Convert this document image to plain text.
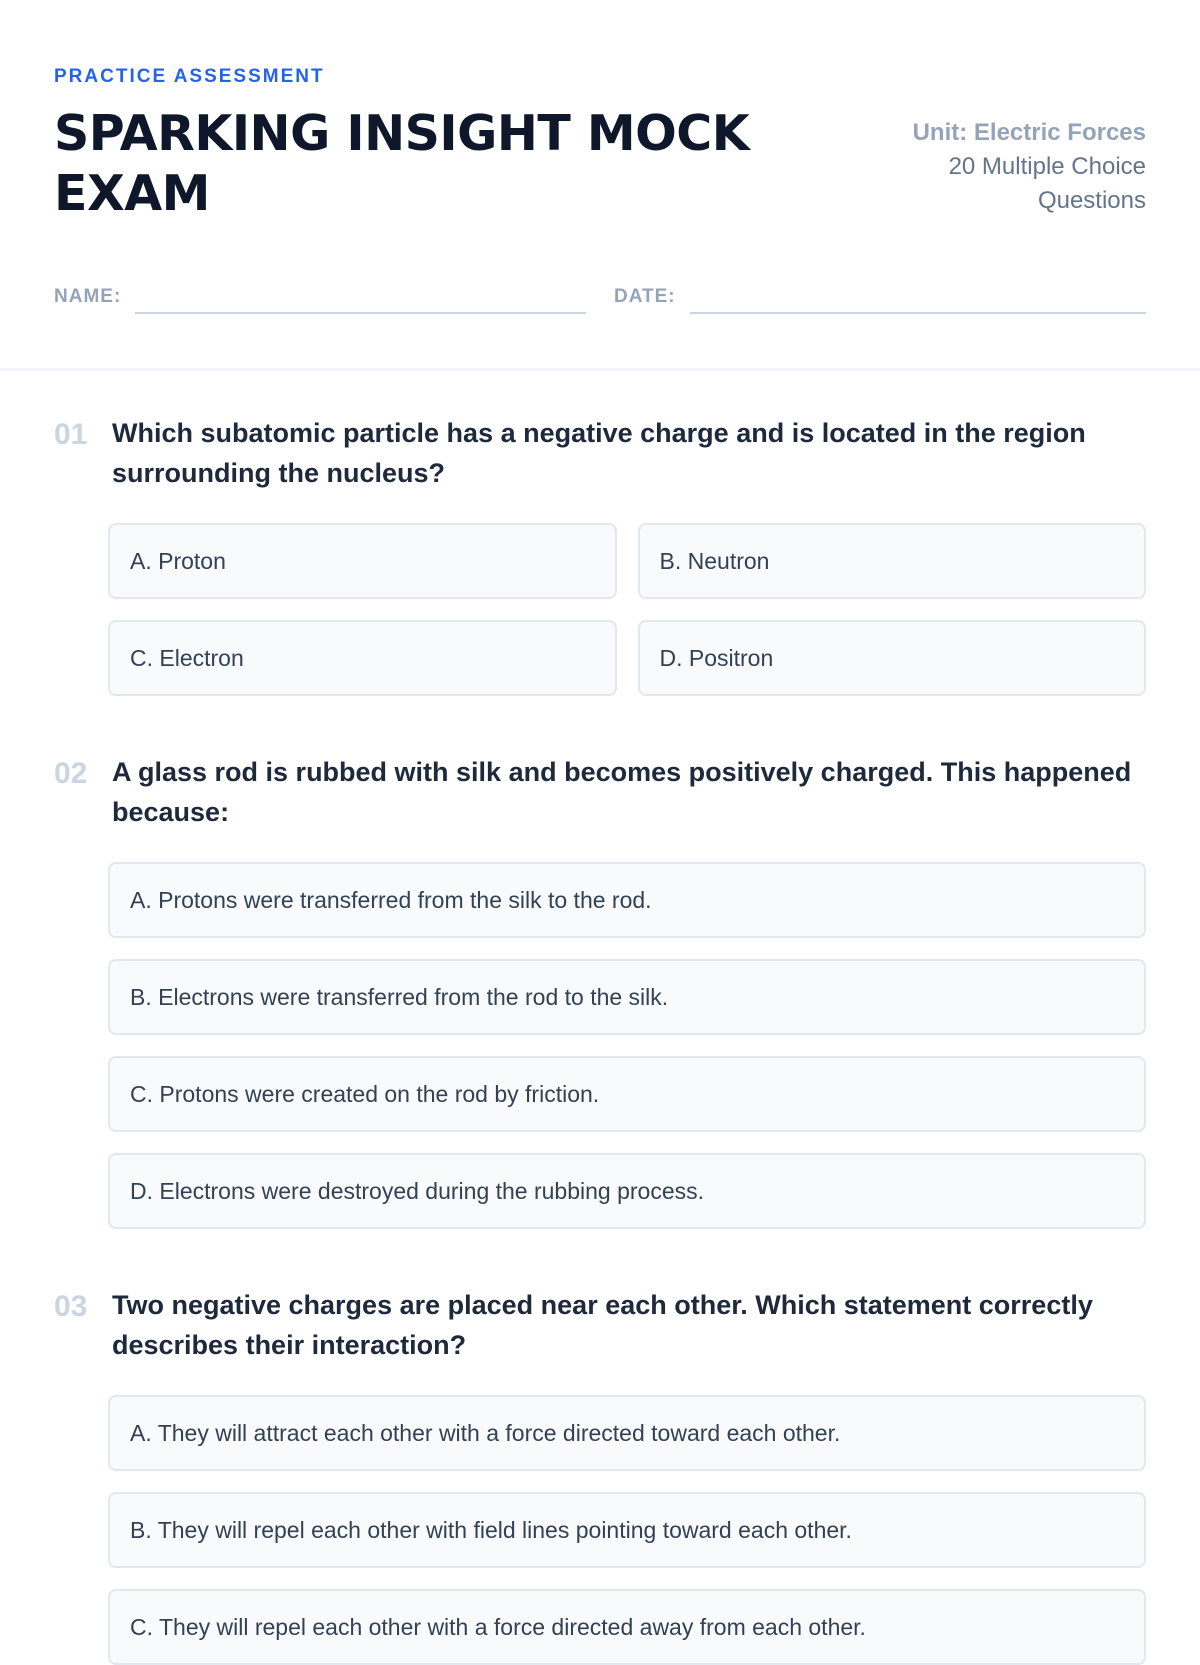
PRACTICE ASSESSMENT
SPARKING INSIGHT MOCK EXAM
Unit: Electric Forces
20 Multiple Choice Questions
NAME:	DATE:
01 Which subatomic particle has a negative charge and is located in the region surrounding the nucleus?
A. Proton	B. Neutron
C. Electron	D. Positron
02 A glass rod is rubbed with silk and becomes positively charged. This happened because:
A. Protons were transferred from the silk to the rod.
B. Electrons were transferred from the rod to the silk.
C. Protons were created on the rod by friction.
D. Electrons were destroyed during the rubbing process.
03 Two negative charges are placed near each other. Which statement correctly describes their interaction?
A. They will attract each other with a force directed toward each other.
B. They will repel each other with field lines pointing toward each other.
C. They will repel each other with a force directed away from each other.
